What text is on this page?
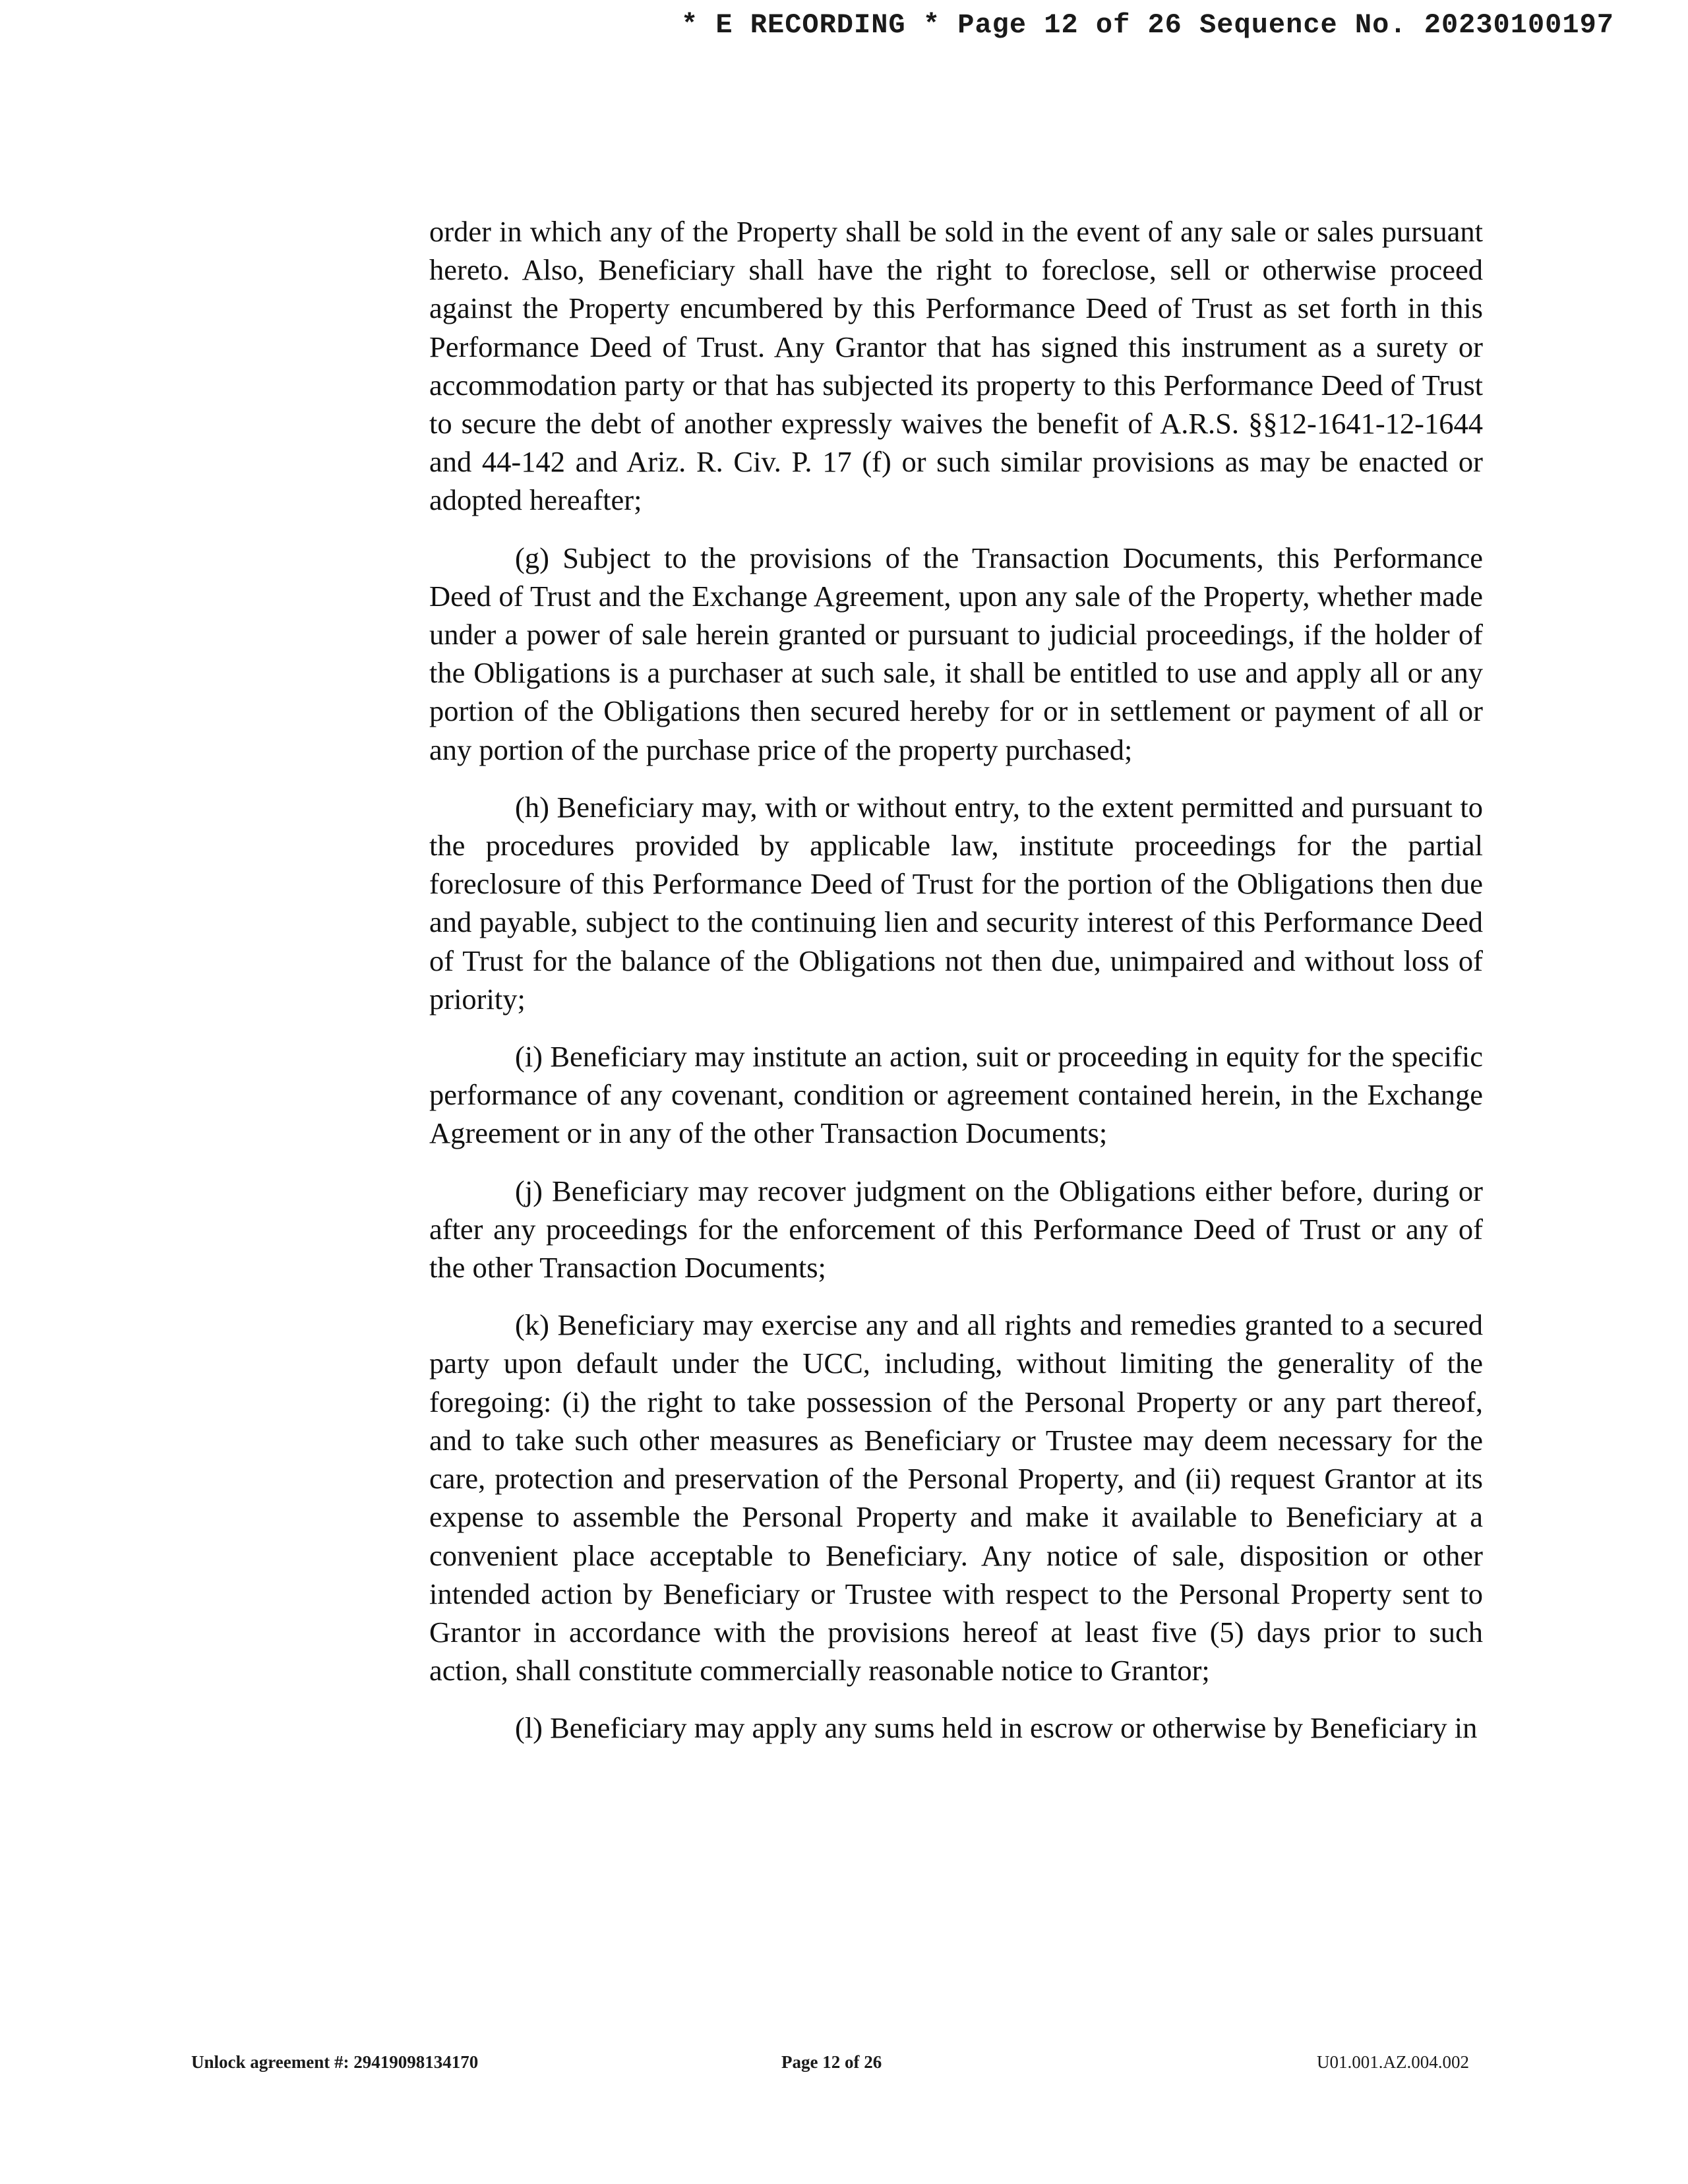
* E RECORDING * Page 12 of 26 Sequence No. 20230100197

order in which any of the Property shall be sold in the event of any sale or sales pursuant hereto. Also, Beneficiary shall have the right to foreclose, sell or otherwise proceed against the Property encumbered by this Performance Deed of Trust as set forth in this Performance Deed of Trust. Any Grantor that has signed this instrument as a surety or accommodation party or that has subjected its property to this Performance Deed of Trust to secure the debt of another expressly waives the benefit of A.R.S. §§12-1641-12-1644 and 44-142 and Ariz. R. Civ. P. 17 (f) or such similar provisions as may be enacted or adopted hereafter;

(g) Subject to the provisions of the Transaction Documents, this Performance Deed of Trust and the Exchange Agreement, upon any sale of the Property, whether made under a power of sale herein granted or pursuant to judicial proceedings, if the holder of the Obligations is a purchaser at such sale, it shall be entitled to use and apply all or any portion of the Obligations then secured hereby for or in settlement or payment of all or any portion of the purchase price of the property purchased;

(h) Beneficiary may, with or without entry, to the extent permitted and pursuant to the procedures provided by applicable law, institute proceedings for the partial foreclosure of this Performance Deed of Trust for the portion of the Obligations then due and payable, subject to the continuing lien and security interest of this Performance Deed of Trust for the balance of the Obligations not then due, unimpaired and without loss of priority;

(i) Beneficiary may institute an action, suit or proceeding in equity for the specific performance of any covenant, condition or agreement contained herein, in the Exchange Agreement or in any of the other Transaction Documents;

(j) Beneficiary may recover judgment on the Obligations either before, during or after any proceedings for the enforcement of this Performance Deed of Trust or any of the other Transaction Documents;

(k) Beneficiary may exercise any and all rights and remedies granted to a secured party upon default under the UCC, including, without limiting the generality of the foregoing: (i) the right to take possession of the Personal Property or any part thereof, and to take such other measures as Beneficiary or Trustee may deem necessary for the care, protection and preservation of the Personal Property, and (ii) request Grantor at its expense to assemble the Personal Property and make it available to Beneficiary at a convenient place acceptable to Beneficiary. Any notice of sale, disposition or other intended action by Beneficiary or Trustee with respect to the Personal Property sent to Grantor in accordance with the provisions hereof at least five (5) days prior to such action, shall constitute commercially reasonable notice to Grantor;

(l) Beneficiary may apply any sums held in escrow or otherwise by Beneficiary in

Unlock agreement #: 29419098134170	Page 12 of 26	U01.001.AZ.004.002
